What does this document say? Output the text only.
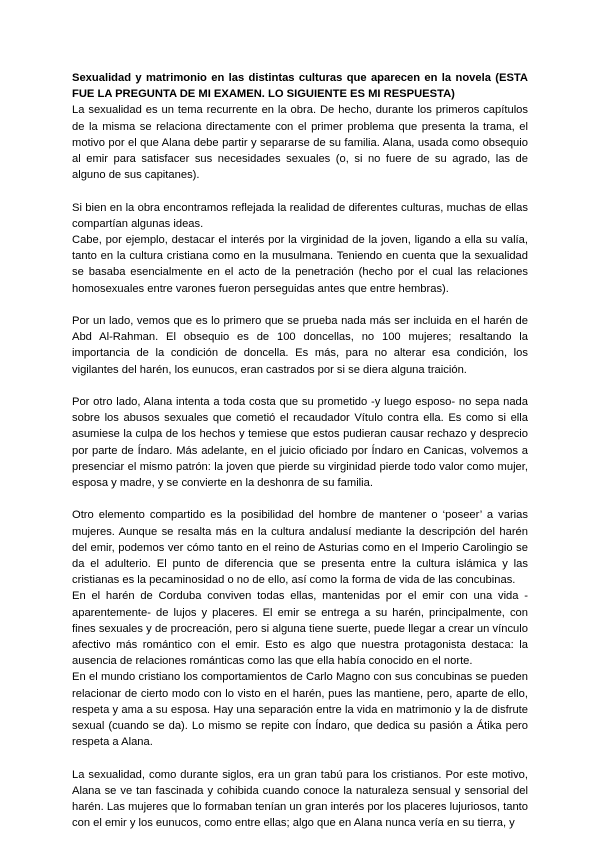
Sexualidad y matrimonio en las distintas culturas que aparecen en la novela (ESTA FUE LA PREGUNTA DE MI EXAMEN. LO SIGUIENTE ES MI RESPUESTA)

La sexualidad es un tema recurrente en la obra. De hecho, durante los primeros capítulos de la misma se relaciona directamente con el primer problema que presenta la trama, el motivo por el que Alana debe partir y separarse de su familia. Alana, usada como obsequio al emir para satisfacer sus necesidades sexuales (o, si no fuere de su agrado, las de alguno de sus capitanes).

Si bien en la obra encontramos reflejada la realidad de diferentes culturas, muchas de ellas compartían algunas ideas.

Cabe, por ejemplo, destacar el interés por la virginidad de la joven, ligando a ella su valía, tanto en la cultura cristiana como en la musulmana. Teniendo en cuenta que la sexualidad se basaba esencialmente en el acto de la penetración (hecho por el cual las relaciones homosexuales entre varones fueron perseguidas antes que entre hembras).

Por un lado, vemos que es lo primero que se prueba nada más ser incluida en el harén de Abd Al-Rahman. El obsequio es de 100 doncellas, no 100 mujeres; resaltando la importancia de la condición de doncella. Es más, para no alterar esa condición, los vigilantes del harén, los eunucos, eran castrados por si se diera alguna traición.

Por otro lado, Alana intenta a toda costa que su prometido -y luego esposo- no sepa nada sobre los abusos sexuales que cometió el recaudador Vítulo contra ella. Es como si ella asumiese la culpa de los hechos y temiese que estos pudieran causar rechazo y desprecio por parte de Índaro. Más adelante, en el juicio oficiado por Índaro en Canicas, volvemos a presenciar el mismo patrón: la joven que pierde su virginidad pierde todo valor como mujer, esposa y madre, y se convierte en la deshonra de su familia.

Otro elemento compartido es la posibilidad del hombre de mantener o ‘poseer’ a varias mujeres. Aunque se resalta más en la cultura andalusí mediante la descripción del harén del emir, podemos ver cómo tanto en el reino de Asturias como en el Imperio Carolingio se da el adulterio. El punto de diferencia que se presenta entre la cultura islámica y las cristianas es la pecaminosidad o no de ello, así como la forma de vida de las concubinas.

En el harén de Corduba conviven todas ellas, mantenidas por el emir con una vida -aparentemente- de lujos y placeres. El emir se entrega a su harén, principalmente, con fines sexuales y de procreación, pero si alguna tiene suerte, puede llegar a crear un vínculo afectivo más romántico con el emir. Esto es algo que nuestra protagonista destaca: la ausencia de relaciones románticas como las que ella había conocido en el norte.

En el mundo cristiano los comportamientos de Carlo Magno con sus concubinas se pueden relacionar de cierto modo con lo visto en el harén, pues las mantiene, pero, aparte de ello, respeta y ama a su esposa. Hay una separación entre la vida en matrimonio y la de disfrute sexual (cuando se da). Lo mismo se repite con Índaro, que dedica su pasión a Átika pero respeta a Alana.

La sexualidad, como durante siglos, era un gran tabú para los cristianos. Por este motivo, Alana se ve tan fascinada y cohibida cuando conoce la naturaleza sensual y sensorial del harén. Las mujeres que lo formaban tenían un gran interés por los placeres lujuriosos, tanto con el emir y los eunucos, como entre ellas; algo que en Alana nunca vería en su tierra, y
